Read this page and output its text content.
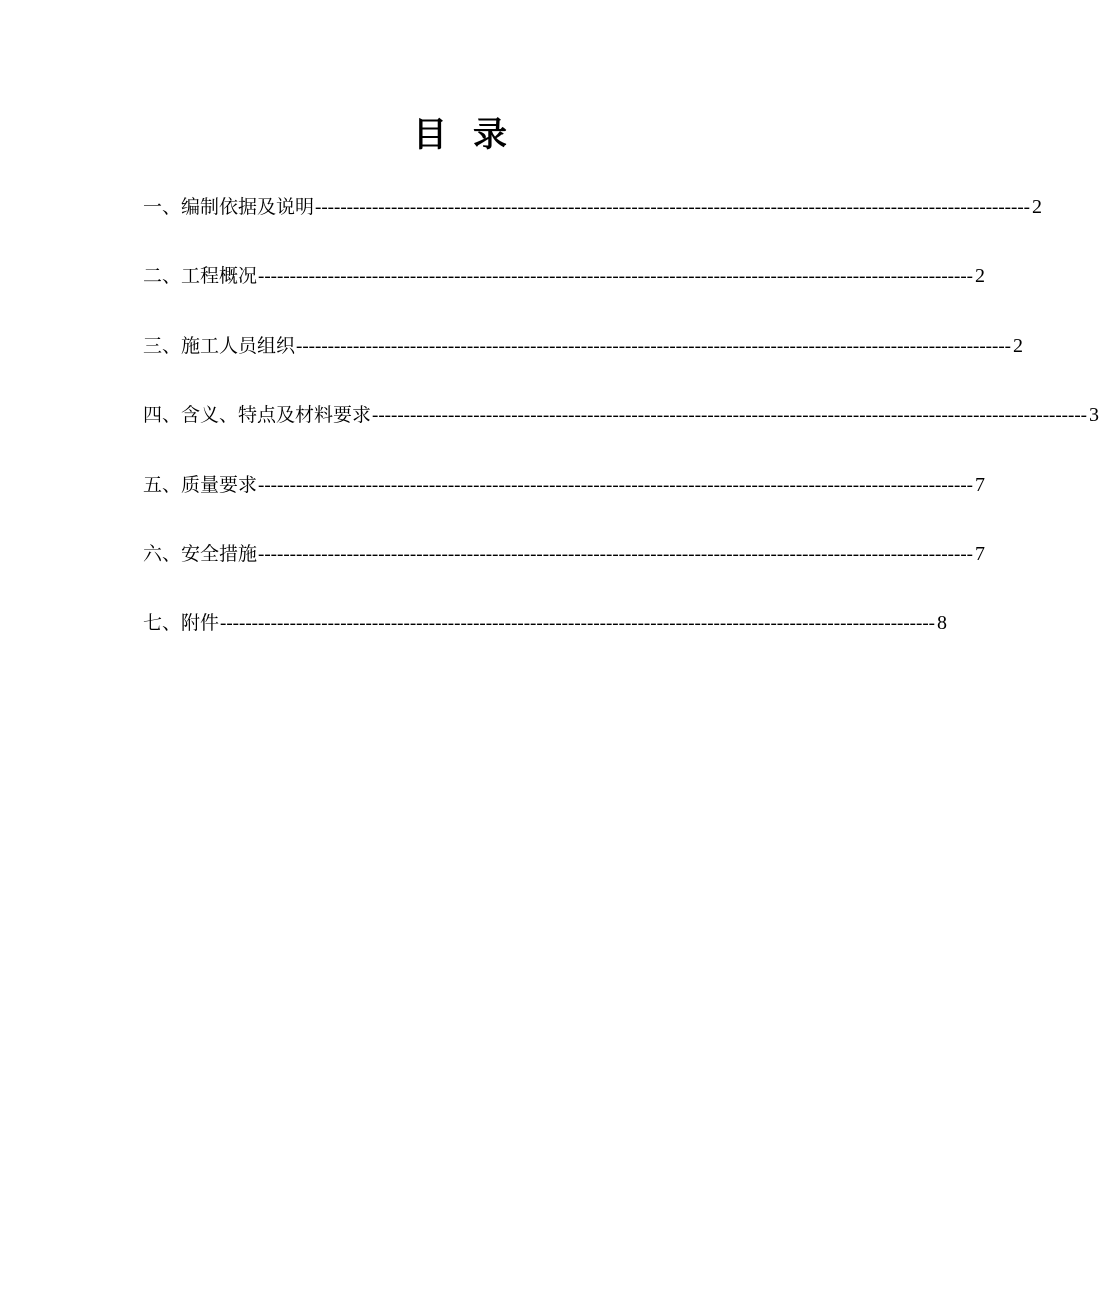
目 录
一、编制依据及说明 ----------------------------------------------------------------------------------------------------------------- 2
二、工程概况 ----------------------------------------------------------------------------------------------------------------- 2
三、施工人员组织 ----------------------------------------------------------------------------------------------------------------- 2
四、含义、特点及材料要求 ----------------------------------------------------------------------------------------------------------------- 3
五、质量要求 ----------------------------------------------------------------------------------------------------------------- 7
六、安全措施 ----------------------------------------------------------------------------------------------------------------- 7
七、附件 ----------------------------------------------------------------------------------------------------------------- 8
